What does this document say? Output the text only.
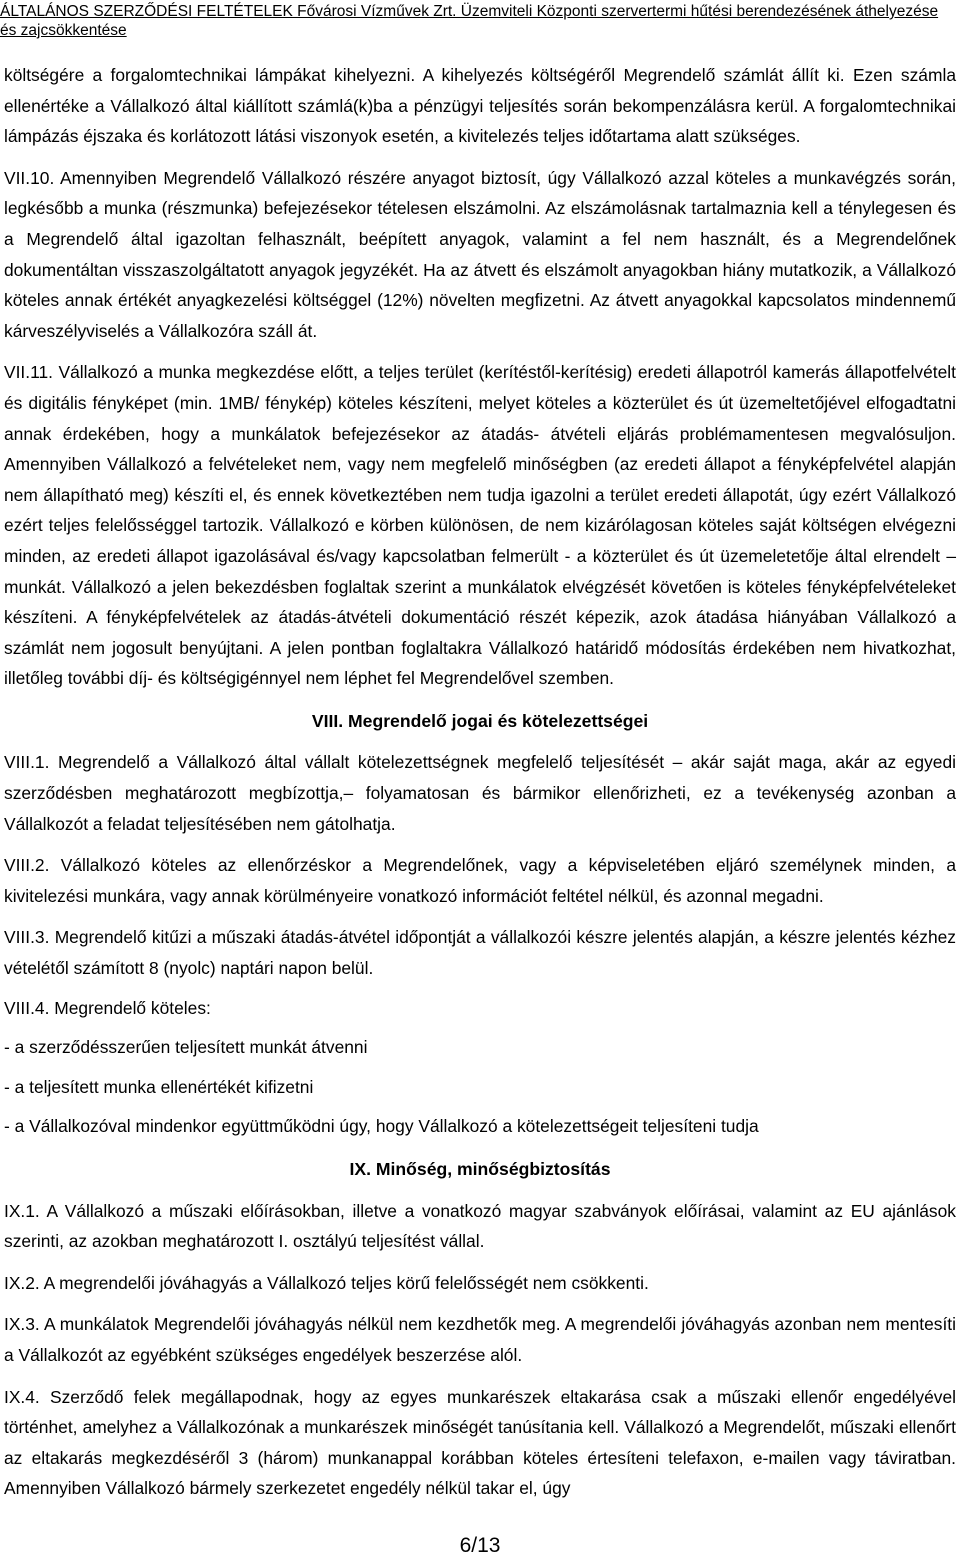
ÁLTALÁNOS SZERZŐDÉSI FELTÉTELEK Fővárosi Vízművek Zrt. Üzemviteli Központi szervertermi hűtési berendezésének áthelyezése és zajcsökkentése

költségére a forgalomtechnikai lámpákat kihelyezni. A kihelyezés költségéről Megrendelő számlát állít ki. Ezen számla ellenértéke a Vállalkozó által kiállított számlá(k)ba a pénzügyi teljesítés során bekompenzálásra kerül. A forgalomtechnikai lámpázás éjszaka és korlátozott látási viszonyok esetén, a kivitelezés teljes időtartama alatt szükséges.

VII.10. Amennyiben Megrendelő Vállalkozó részére anyagot biztosít, úgy Vállalkozó azzal köteles a munkavégzés során, legkésőbb a munka (részmunka) befejezésekor tételesen elszámolni. Az elszámolásnak tartalmaznia kell a ténylegesen és a Megrendelő által igazoltan felhasznált, beépített anyagok, valamint a fel nem használt, és a Megrendelőnek dokumentáltan visszaszolgáltatott anyagok jegyzékét. Ha az átvett és elszámolt anyagokban hiány mutatkozik, a Vállalkozó köteles annak értékét anyagkezelési költséggel (12%) növelten megfizetni. Az átvett anyagokkal kapcsolatos mindennemű kárveszélyviselés a Vállalkozóra száll át.

VII.11. Vállalkozó a munka megkezdése előtt, a teljes terület (kerítéstől-kerítésig) eredeti állapotról kamerás állapotfelvételt és digitális fényképet (min. 1MB/ fénykép) köteles készíteni, melyet köteles a közterület és út üzemeltetőjével elfogadtatni annak érdekében, hogy a munkálatok befejezésekor az átadás- átvételi eljárás problémamentesen megvalósuljon. Amennyiben Vállalkozó a felvételeket nem, vagy nem megfelelő minőségben (az eredeti állapot a fényképfelvétel alapján nem állapítható meg) készíti el, és ennek következtében nem tudja igazolni a terület eredeti állapotát, úgy ezért Vállalkozó ezért teljes felelősséggel tartozik. Vállalkozó e körben különösen, de nem kizárólagosan köteles saját költségen elvégezni minden, az eredeti állapot igazolásával és/vagy kapcsolatban felmerült - a közterület és út üzemeletetője által elrendelt – munkát. Vállalkozó a jelen bekezdésben foglaltak szerint a munkálatok elvégzését követően is köteles fényképfelvételeket készíteni. A fényképfelvételek az átadás-átvételi dokumentáció részét képezik, azok átadása hiányában Vállalkozó a számlát nem jogosult benyújtani. A jelen pontban foglaltakra Vállalkozó határidő módosítás érdekében nem hivatkozhat, illetőleg további díj- és költségigénnyel nem léphet fel Megrendelővel szemben.

VIII. Megrendelő jogai és kötelezettségei

VIII.1. Megrendelő a Vállalkozó által vállalt kötelezettségnek megfelelő teljesítését – akár saját maga, akár az egyedi szerződésben meghatározott megbízottja,– folyamatosan és bármikor ellenőrizheti, ez a tevékenység azonban a Vállalkozót a feladat teljesítésében nem gátolhatja.

VIII.2. Vállalkozó köteles az ellenőrzéskor a Megrendelőnek, vagy a képviseletében eljáró személynek minden, a kivitelezési munkára, vagy annak körülményeire vonatkozó információt feltétel nélkül, és azonnal megadni.

VIII.3. Megrendelő kitűzi a műszaki átadás-átvétel időpontját a vállalkozói készre jelentés alapján, a készre jelentés kézhez vételétől számított 8 (nyolc) naptári napon belül.

VIII.4. Megrendelő köteles:

- a szerződésszerűen teljesített munkát átvenni

- a teljesített munka ellenértékét kifizetni

- a Vállalkozóval mindenkor együttműködni úgy, hogy Vállalkozó a kötelezettségeit teljesíteni tudja

IX. Minőség, minőségbiztosítás

IX.1. A Vállalkozó a műszaki előírásokban, illetve a vonatkozó magyar szabványok előírásai, valamint az EU ajánlások szerinti, az azokban meghatározott I. osztályú teljesítést vállal.

IX.2. A megrendelői jóváhagyás a Vállalkozó teljes körű felelősségét nem csökkenti.

IX.3. A munkálatok Megrendelői jóváhagyás nélkül nem kezdhetők meg. A megrendelői jóváhagyás azonban nem mentesíti a Vállalkozót az egyébként szükséges engedélyek beszerzése alól.

IX.4. Szerződő felek megállapodnak, hogy az egyes munkarészek eltakarása csak a műszaki ellenőr engedélyével történhet, amelyhez a Vállalkozónak a munkarészek minőségét tanúsítania kell. Vállalkozó a Megrendelőt, műszaki ellenőrt az eltakarás megkezdéséről 3 (három) munkanappal korábban köteles értesíteni telefaxon, e-mailen vagy táviratban. Amennyiben Vállalkozó bármely szerkezetet engedély nélkül takar el, úgy

6/13
